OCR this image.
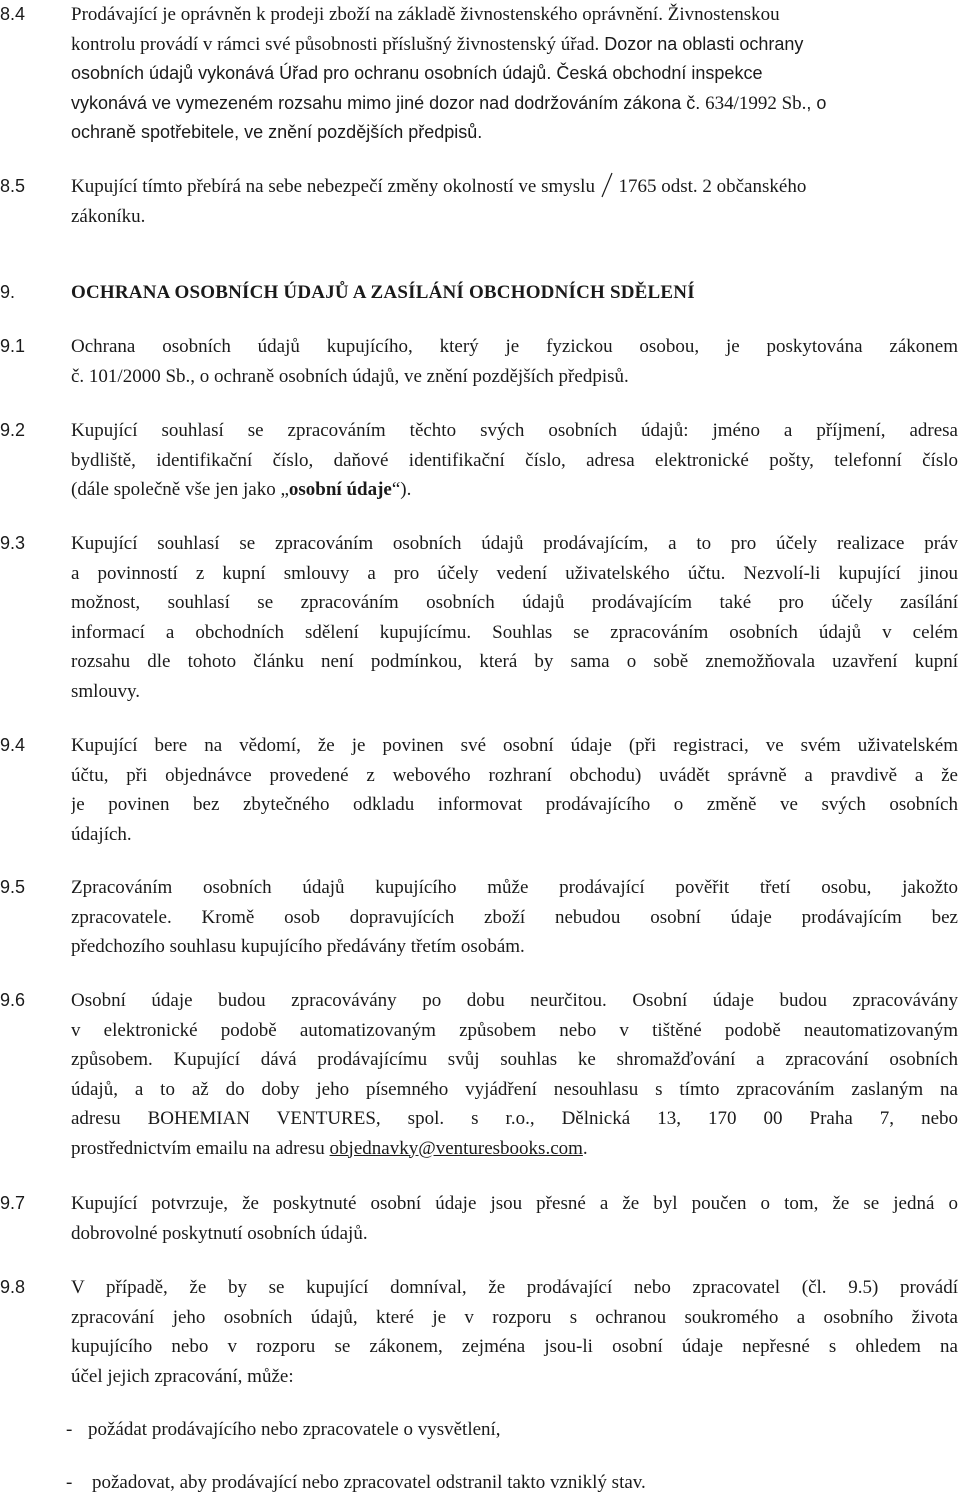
8.4 Prodávající je oprávněn k prodeji zboží na základě živnostenského oprávnění. Živnostenskou
kontrolu provádí v rámci své působnosti příslušný živnostenský úřad. Dozor na oblasti ochrany
osobních údajů vykonává Úřad pro ochranu osobních údajů. Česká obchodní inspekce
vykonává ve vymezeném rozsahu mimo jiné dozor nad dodržováním zákona č. 634/1992 Sb., o
ochraně spotřebitele, ve znění pozdějších předpisů.
8.5 Kupující tímto přebírá na sebe nebezpečí změny okolností ve smyslu 1765 odst. 2 občanského
zákoníku.
9.	OCHRANA OSOBNÍCH ÚDAJŮ A ZASÍLÁNÍ OBCHODNÍCH SDĚLENÍ
9.1 Ochrana osobních údajů kupujícího, který je fyzickou osobou, je poskytována zákonem
č. 101/2000 Sb., o ochraně osobních údajů, ve znění pozdějších předpisů.
9.2 Kupující souhlasí se zpracováním těchto svých osobních údajů: jméno a příjmení, adresa
bydliště, identifikační číslo, daňové identifikační číslo, adresa elektronické pošty, telefonní číslo
(dále společně vše jen jako „osobní údaje“).
9.3 Kupující souhlasí se zpracováním osobních údajů prodávajícím, a to pro účely realizace práv
a povinností z kupní smlouvy a pro účely vedení uživatelského účtu. Nezvolí-li kupující jinou
možnost, souhlasí se zpracováním osobních údajů prodávajícím také pro účely zasílání
informací a obchodních sdělení kupujícímu. Souhlas se zpracováním osobních údajů v celém
rozsahu dle tohoto článku není podmínkou, která by sama o sobě znemožňovala uzavření kupní
smlouvy.
9.4 Kupující bere na vědomí, že je povinen své osobní údaje (při registraci, ve svém uživatelském
účtu, při objednávce provedené z webového rozhraní obchodu) uvádět správně a pravdivě a že
je povinen bez zbytečného odkladu informovat prodávajícího o změně ve svých osobních
údajích.
9.5 Zpracováním osobních údajů kupujícího může prodávající pověřit třetí osobu, jakožto
zpracovatele. Kromě osob dopravujících zboží nebudou osobní údaje prodávajícím bez
předchozího souhlasu kupujícího předávány třetím osobám.
9.6 Osobní údaje budou zpracovávány po dobu neurčitou. Osobní údaje budou zpracovávány
v elektronické podobě automatizovaným způsobem nebo v tištěné podobě neautomatizovaným
způsobem. Kupující dává prodávajícímu svůj souhlas ke shromažďování a zpracování osobních
údajů, a to až do doby jeho písemného vyjádření nesouhlasu s tímto zpracováním zaslaným na
adresu BOHEMIAN VENTURES, spol. s r.o., Dělnická 13, 170 00 Praha 7, nebo
prostřednictvím emailu na adresu objednavky@venturesbooks.com.
9.7 Kupující potvrzuje, že poskytnuté osobní údaje jsou přesné a že byl poučen o tom, že se jedná o
dobrovolné poskytnutí osobních údajů.
9.8 V případě, že by se kupující domníval, že prodávající nebo zpracovatel (čl. 9.5) provádí
zpracování jeho osobních údajů, které je v rozporu s ochranou soukromého a osobního života
kupujícího nebo v rozporu se zákonem, zejména jsou-li osobní údaje nepřesné s ohledem na
účel jejich zpracování, může:
- požádat prodávajícího nebo zpracovatele o vysvětlení,
- požadovat, aby prodávající nebo zpracovatel odstranil takto vzniklý stav.
